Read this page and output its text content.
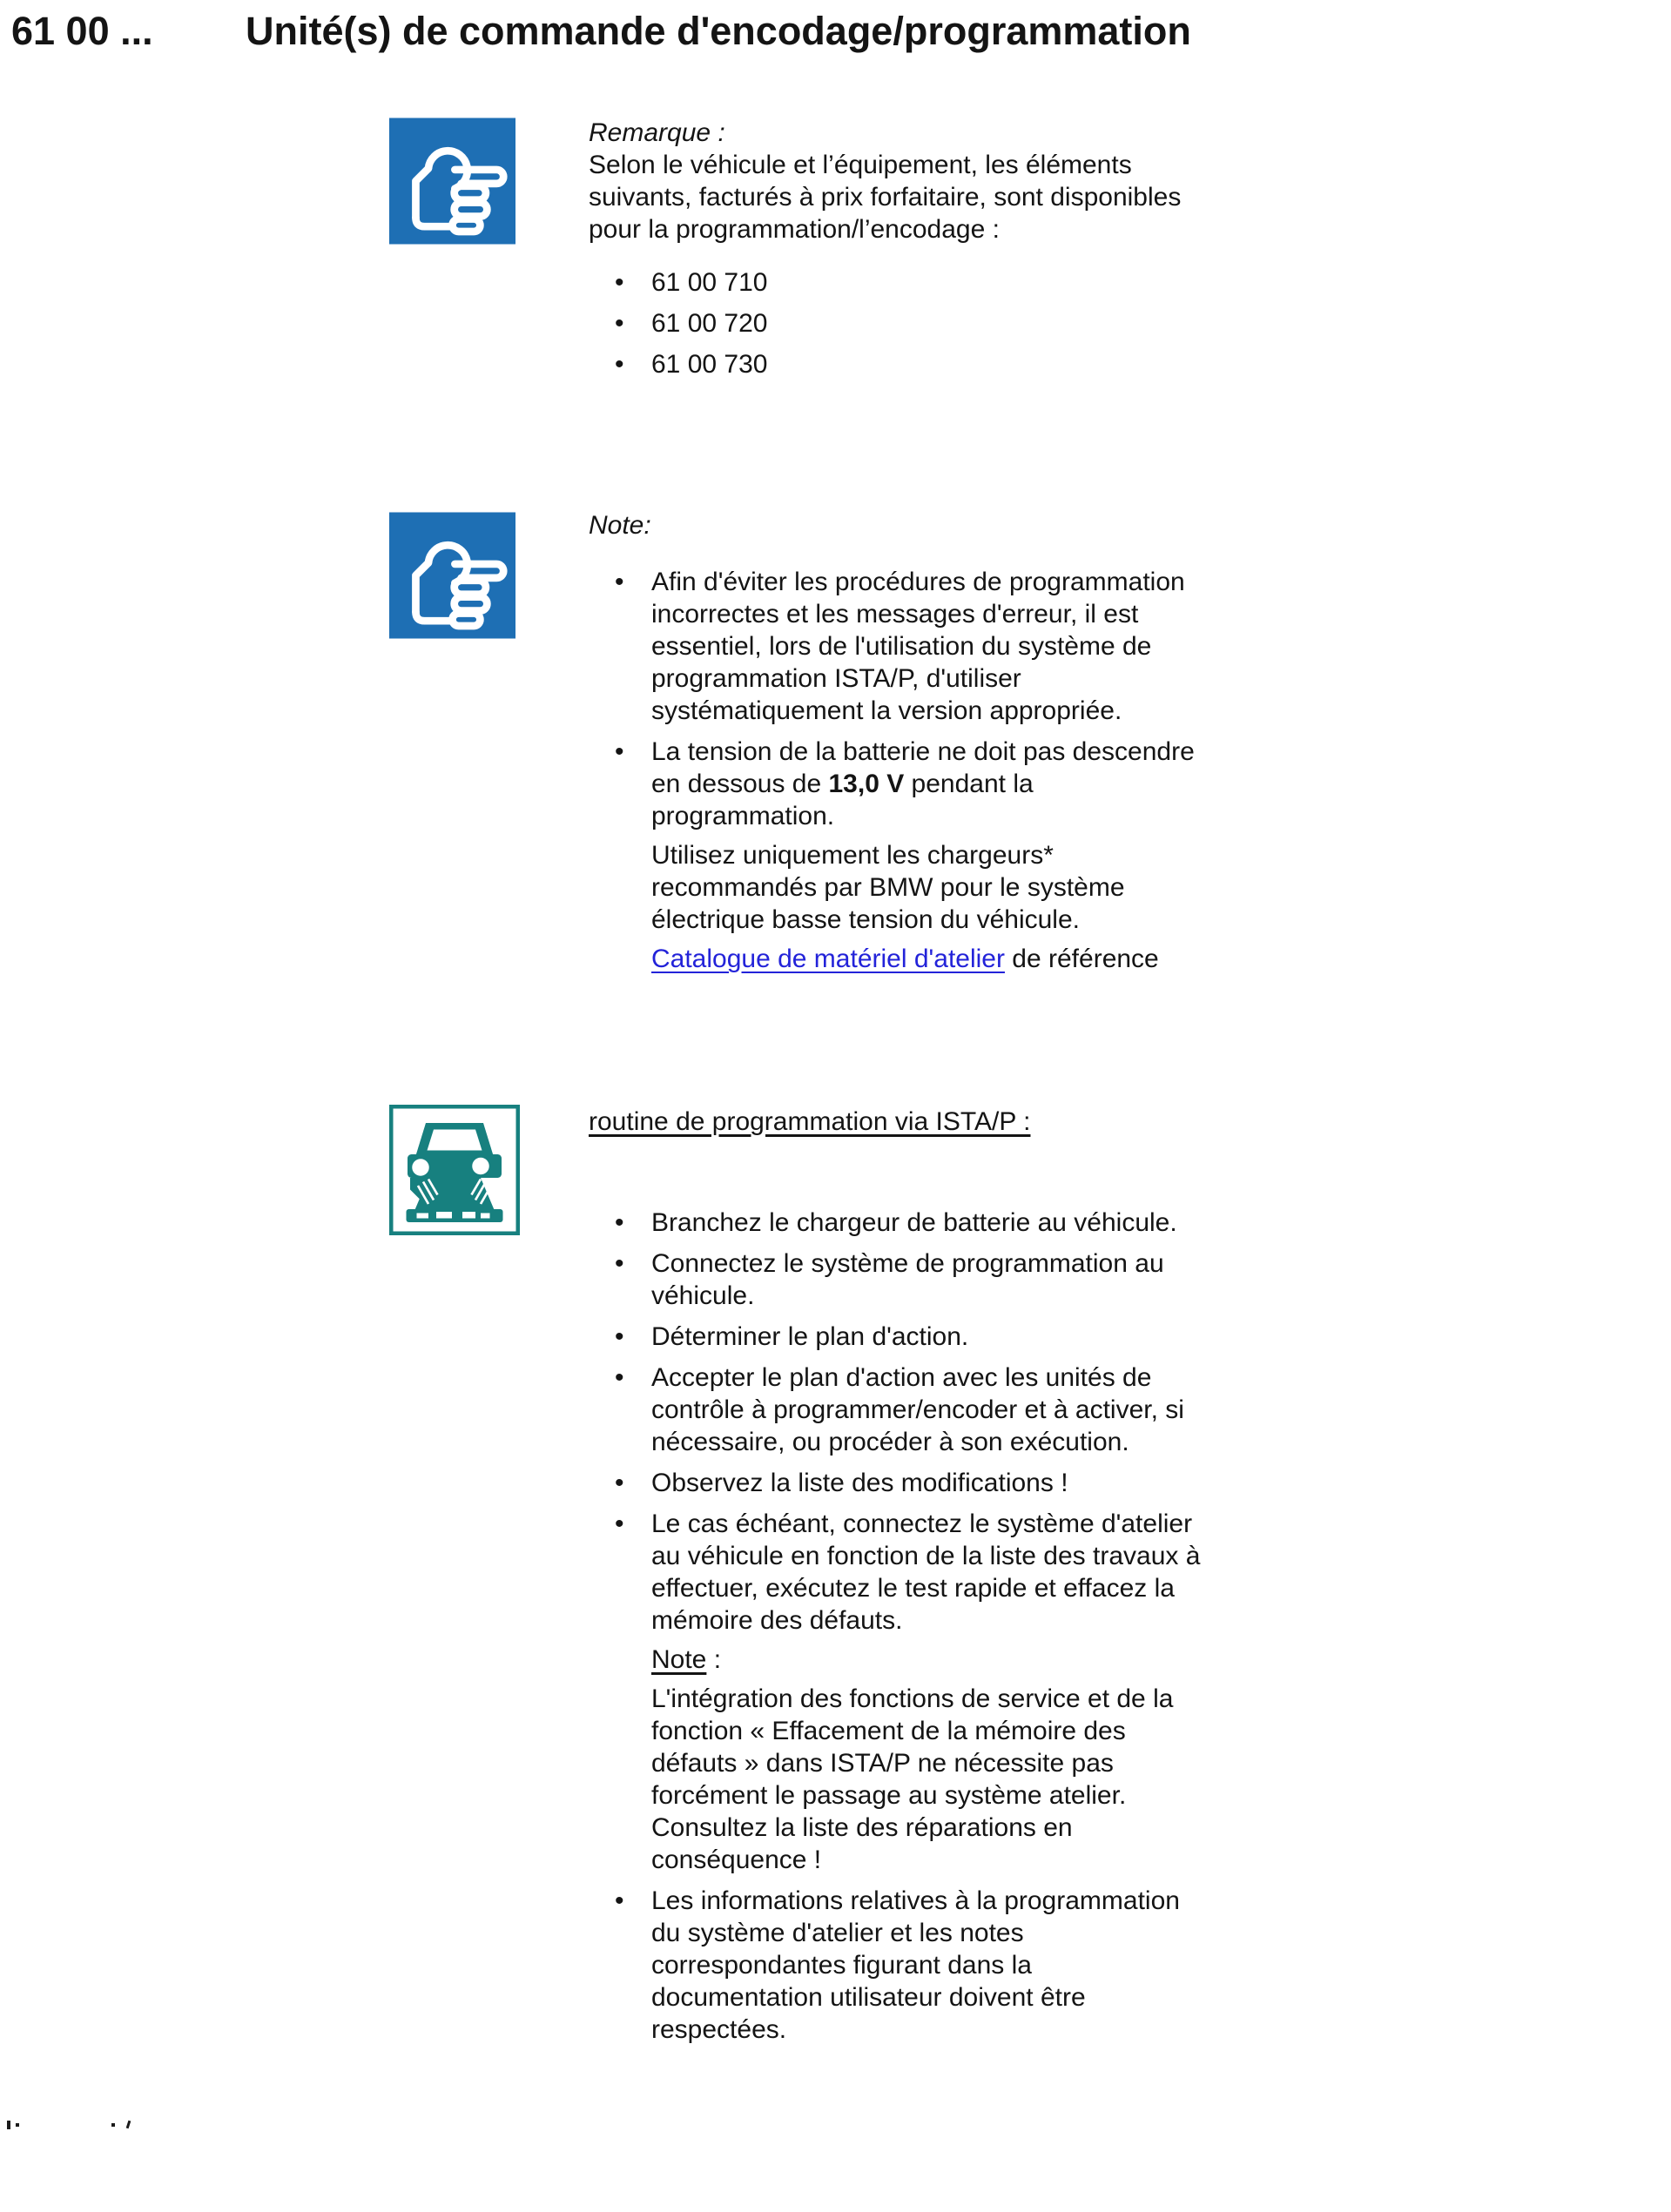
61 00 ... Unité(s) de commande d'encodage/programmation
Remarque :
Selon le véhicule et l’équipement, les éléments
suivants, facturés à prix forfaitaire, sont disponibles
pour la programmation/l’encodage :
• 61 00 710
• 61 00 720
• 61 00 730
Note:
• Afin d'éviter les procédures de programmation
incorrectes et les messages d'erreur, il est
essentiel, lors de l'utilisation du système de
programmation ISTA/P, d'utiliser
systématiquement la version appropriée.
• La tension de la batterie ne doit pas descendre
en dessous de 13,0 V pendant la
programmation.
Utilisez uniquement les chargeurs*
recommandés par BMW pour le système
électrique basse tension du véhicule.
Catalogue de matériel d'atelier de référence
routine de programmation via ISTA/P :
• Branchez le chargeur de batterie au véhicule.
• Connectez le système de programmation au
véhicule.
• Déterminer le plan d'action.
• Accepter le plan d'action avec les unités de
contrôle à programmer/encoder et à activer, si
nécessaire, ou procéder à son exécution.
• Observez la liste des modifications !
• Le cas échéant, connectez le système d'atelier
au véhicule en fonction de la liste des travaux à
effectuer, exécutez le test rapide et effacez la
mémoire des défauts.
Note :
L'intégration des fonctions de service et de la
fonction « Effacement de la mémoire des
défauts » dans ISTA/P ne nécessite pas
forcément le passage au système atelier.
Consultez la liste des réparations en
conséquence !
• Les informations relatives à la programmation
du système d'atelier et les notes
correspondantes figurant dans la
documentation utilisateur doivent être
respectées.
